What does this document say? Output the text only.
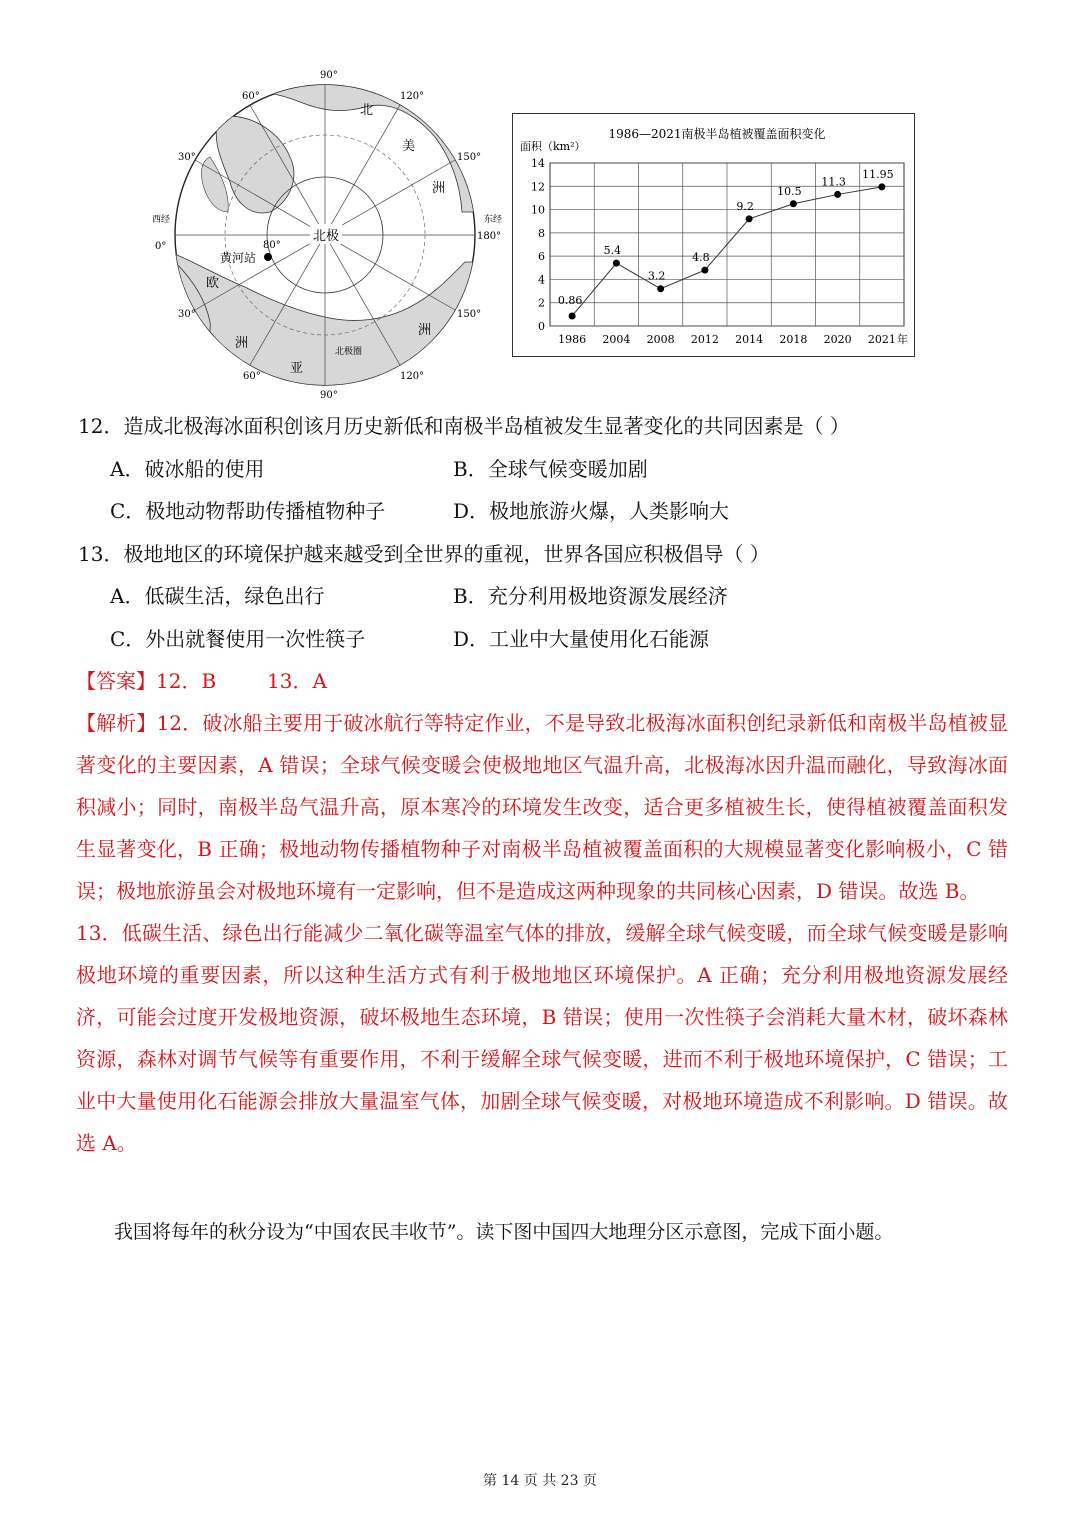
北极
黄河站
80°
北
美
洲
欧
洲
亚
洲
北极圈
90°
120°
150°
180°
150°
120°
90°
60°
30°
0°
30°
60°
西经	东经
1986—2021南极半岛植被覆盖面积变化
面积（km²）
年
0
2
4
6
8
10
12
14
1986 2004 2008 2012 2014 2018 2020 2021
0.86
5.4
3.2
4.8
9.2
10.5
11.3
11.95
12．造成北极海冰面积创该月历史新低和南极半岛植被发生显著变化的共同因素是（ ）
A．破冰船的使用	B．全球气候变暖加剧
C．极地动物帮助传播植物种子	D．极地旅游火爆，人类影响大
13．极地地区的环境保护越来越受到全世界的重视，世界各国应积极倡导（ ）
A．低碳生活，绿色出行	B．充分利用极地资源发展经济
C．外出就餐使用一次性筷子	D．工业中大量使用化石能源
【答案】12．B        13．A

【解析】12．破冰船主要用于破冰航行等特定作业，不是导致北极海冰面积创纪录新低和南极半岛植被显著变化的主要因素，A 错误；全球气候变暖会使极地地区气温升高，北极海冰因升温而融化，导致海冰面积减小；同时，南极半岛气温升高，原本寒冷的环境发生改变，适合更多植被生长，使得植被覆盖面积发生显著变化，B 正确；极地动物传播植物种子对南极半岛植被覆盖面积的大规模显著变化影响极小，C 错误；极地旅游虽会对极地环境有一定影响，但不是造成这两种现象的共同核心因素，D 错误。故选 B。

13．低碳生活、绿色出行能减少二氧化碳等温室气体的排放，缓解全球气候变暖，而全球气候变暖是影响极地环境的重要因素，所以这种生活方式有利于极地地区环境保护。A 正确；充分利用极地资源发展经济，可能会过度开发极地资源，破坏极地生态环境，B 错误；使用一次性筷子会消耗大量木材，破坏森林资源，森林对调节气候等有重要作用，不利于缓解全球气候变暖，进而不利于极地环境保护，C 错误；工业中大量使用化石能源会排放大量温室气体，加剧全球气候变暖，对极地环境造成不利影响。D 错误。故选 A。

我国将每年的秋分设为“中国农民丰收节”。读下图中国四大地理分区示意图，完成下面小题。
第 14 页 共 23 页
